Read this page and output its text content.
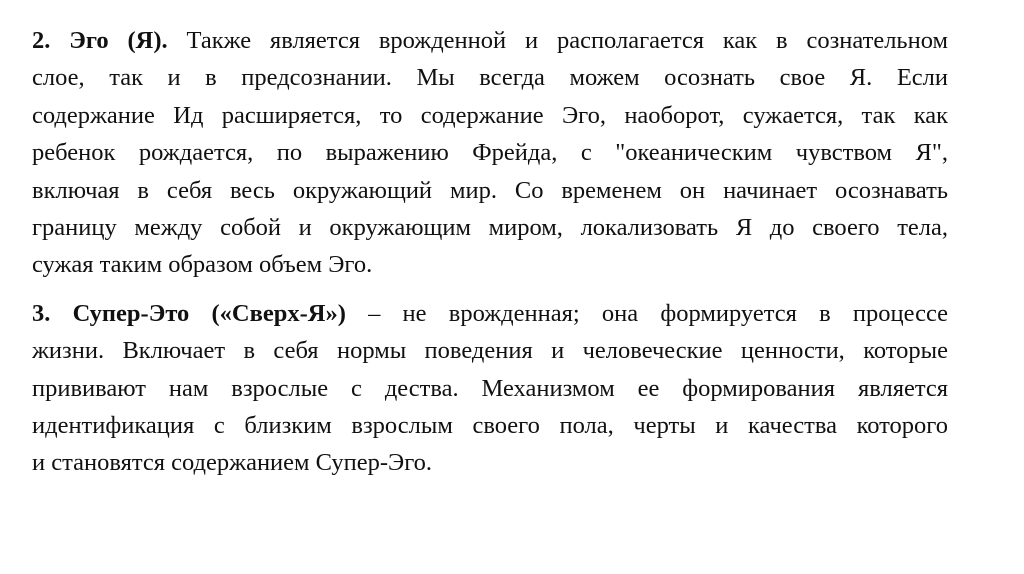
2. Эго (Я). Также является врожденной и располагается как в сознательном
слое, так и в предсознании. Мы всегда можем осознать свое Я. Если
содержание Ид расширяется, то содержание Эго, наоборот, сужается, так как
ребенок рождается, по выражению Фрейда, с "океаническим чувством Я",
включая в себя весь окружающий мир. Со временем он начинает осознавать
границу между собой и окружающим миром, локализовать Я до своего тела,
сужая таким образом объем Эго.

3. Супер-Это («Сверх-Я») – не врожденная; она формируется в процессе
жизни. Включает в себя нормы поведения и человеческие ценности, которые
прививают нам взрослые с дества. Механизмом ее формирования является
идентификация с близким взрослым своего пола, черты и качества которого
и становятся содержанием Супер-Эго.
